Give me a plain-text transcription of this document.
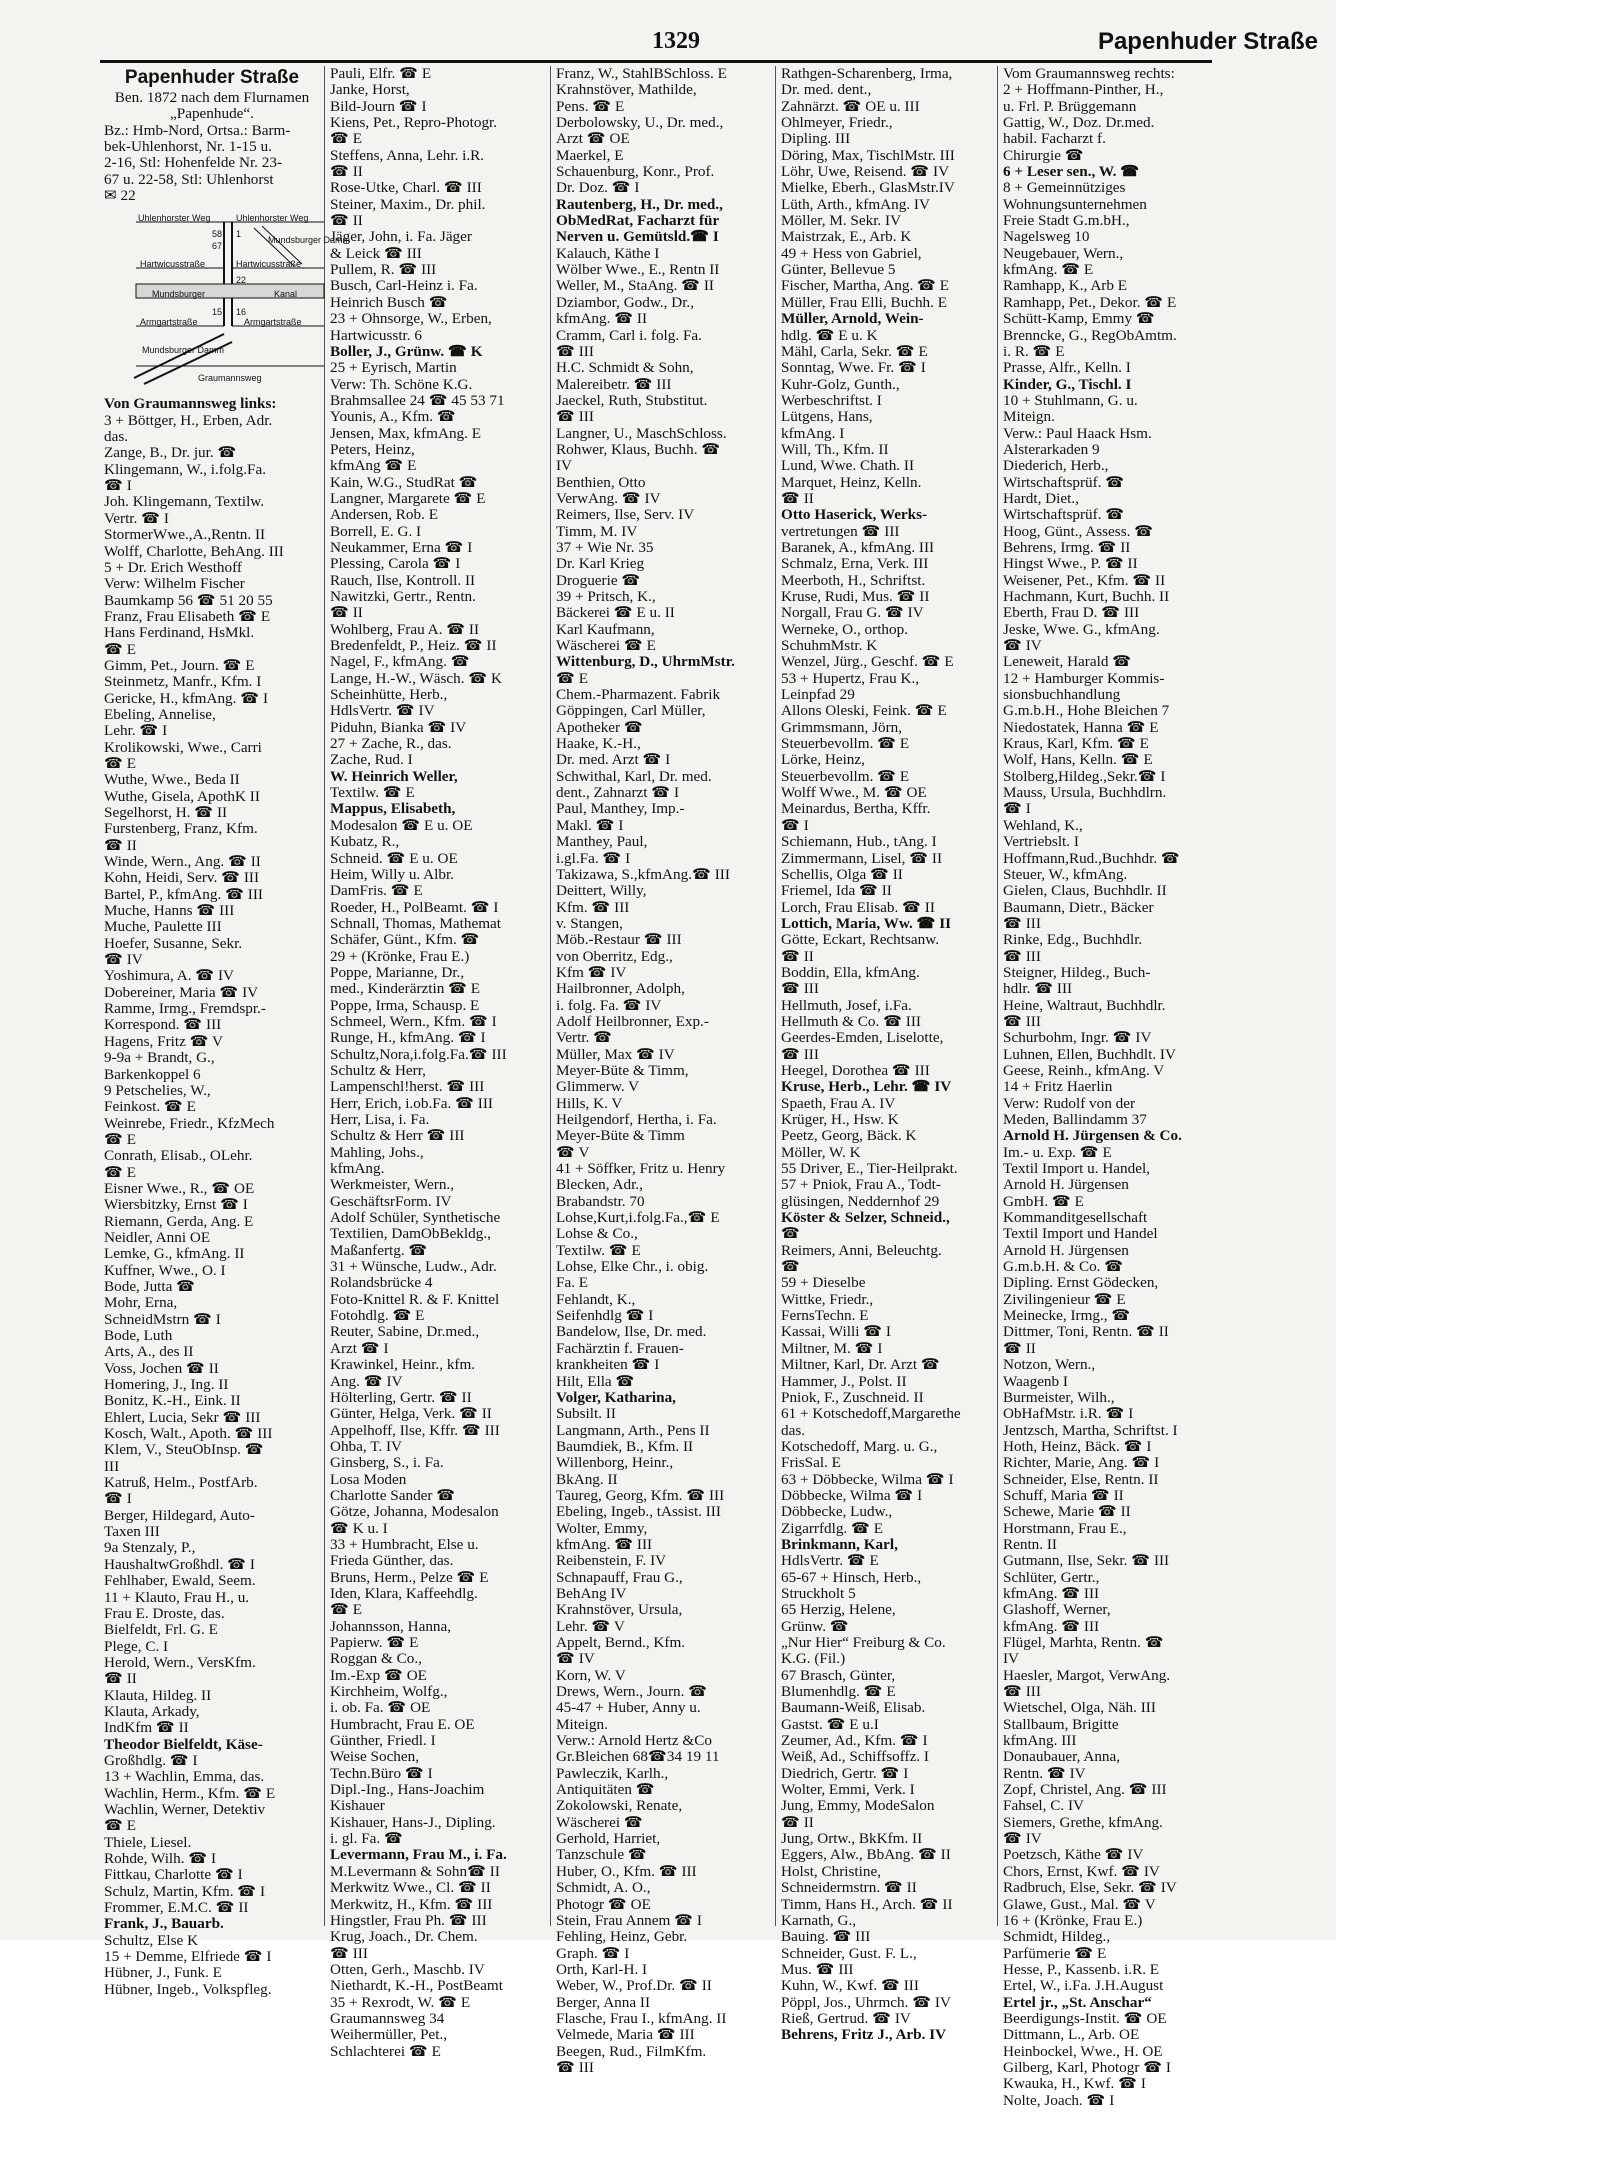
1329	Papenhuder Straße
Papenhuder Straße
Ben. 1872 nach dem Flurnamen
„Papenhude“.
Bz.: Hmb-Nord, Ortsa.: Barm-
bek-Uhlenhorst, Nr. 1-15 u.
2-16, Stl: Hohenfelde Nr. 23-
67 u. 22-58, Stl: Uhlenhorst
✉ 22
Uhlenhorster Weg	Uhlenhorster Weg
Hartwicusstraße	Hartwicusstraße
Mundsburger
Mundsburger Damm
Kanal
Armgartstraße	Armgartstraße
Mundsburger Damm
Graumannsweg
58
67
22
1
16
15
Von Graumannsweg links:
3 + Böttger, H., Erben, Adr.
das.
Zange, B., Dr. jur. ☎
Klingemann, W., i.folg.Fa.
☎ I
Joh. Klingemann, Textilw.
Vertr. ☎ I
StormerWwe.,A.,Rentn. II
Wolff, Charlotte, BehAng. III
5 + Dr. Erich Westhoff
Verw: Wilhelm Fischer
Baumkamp 56 ☎ 51 20 55
Franz, Frau Elisabeth ☎ E
Hans Ferdinand, HsMkl.
☎ E
Gimm, Pet., Journ. ☎ E
Steinmetz, Manfr., Kfm. I
Gericke, H., kfmAng. ☎ I
Ebeling, Annelise,
Lehr. ☎ I
Krolikowski, Wwe., Carri
☎ E
Wuthe, Wwe., Beda II
Wuthe, Gisela, ApothK II
Segelhorst, H. ☎ II
Furstenberg, Franz, Kfm.
☎ II
Winde, Wern., Ang. ☎ II
Kohn, Heidi, Serv. ☎ III
Bartel, P., kfmAng. ☎ III
Muche, Hanns ☎ III
Muche, Paulette III
Hoefer, Susanne, Sekr.
☎ IV
Yoshimura, A. ☎ IV
Dobereiner, Maria ☎ IV
Ramme, Irmg., Fremdspr.-
Korrespond. ☎ III
Hagens, Fritz ☎ V
9-9a + Brandt, G.,
Barkenkoppel 6
9 Petschelies, W.,
Feinkost. ☎ E
Weinrebe, Friedr., KfzMech
☎ E
Conrath, Elisab., OLehr.
☎ E
Eisner Wwe., R., ☎ OE
Wiersbitzky, Ernst ☎ I
Riemann, Gerda, Ang. E
Neidler, Anni OE
Lemke, G., kfmAng. II
Kuffner, Wwe., O. I
Bode, Jutta ☎
Mohr, Erna,
SchneidMstrn ☎ I
Bode, Luth
Arts, A., des II
Voss, Jochen ☎ II
Homering, J., Ing. II
Bonitz, K.-H., Eink. II
Ehlert, Lucia, Sekr ☎ III
Kosch, Walt., Apoth. ☎ III
Klem, V., SteuObInsp. ☎
III
Katruß, Helm., PostfArb.
☎ I
Berger, Hildegard, Auto-
Taxen III
9a Stenzaly, P.,
HaushaltwGroßhdl. ☎ I
Fehlhaber, Ewald, Seem.
11 + Klauto, Frau H., u.
Frau E. Droste, das.
Bielfeldt, Frl. G. E
Plege, C. I
Herold, Wern., VersKfm.
☎ II
Klauta, Hildeg. II
Klauta, Arkady,
IndKfm ☎ II
Theodor Bielfeldt, Käse-
Großhdlg. ☎ I
13 + Wachlin, Emma, das.
Wachlin, Herm., Kfm. ☎ E
Wachlin, Werner, Detektiv
☎ E
Thiele, Liesel.
Rohde, Wilh. ☎ I
Fittkau, Charlotte ☎ I
Schulz, Martin, Kfm. ☎ I
Frommer, E.M.C. ☎ II
Frank, J., Bauarb.
Schultz, Else K
15 + Demme, Elfriede ☎ I
Hübner, J., Funk. E
Hübner, Ingeb., Volkspfleg.
Pauli, Elfr. ☎ E
Janke, Horst,
Bild-Journ ☎ I
Kiens, Pet., Repro-Photogr.
☎ E
Steffens, Anna, Lehr. i.R.
☎ II
Rose-Utke, Charl. ☎ III
Steiner, Maxim., Dr. phil.
☎ II
Jäger, John, i. Fa. Jäger
& Leick ☎ III
Pullem, R. ☎ III
Busch, Carl-Heinz i. Fa.
Heinrich Busch ☎
23 + Ohnsorge, W., Erben,
Hartwicusstr. 6
Boller, J., Grünw. ☎ K
25 + Eyrisch, Martin
Verw: Th. Schöne K.G.
Brahmsallee 24 ☎ 45 53 71
Younis, A., Kfm. ☎
Jensen, Max, kfmAng. E
Peters, Heinz,
kfmAng ☎ E
Kain, W.G., StudRat ☎
Langner, Margarete ☎ E
Andersen, Rob. E
Borrell, E. G. I
Neukammer, Erna ☎ I
Plessing, Carola ☎ I
Rauch, Ilse, Kontroll. II
Nawitzki, Gertr., Rentn.
☎ II
Wohlberg, Frau A. ☎ II
Bredenfeldt, P., Heiz. ☎ II
Nagel, F., kfmAng. ☎
Lange, H.-W., Wäsch. ☎ K
Scheinhütte, Herb.,
HdlsVertr. ☎ IV
Piduhn, Bianka ☎ IV
27 + Zache, R., das.
Zache, Rud. I
W. Heinrich Weller,
Textilw. ☎ E
Mappus, Elisabeth,
Modesalon ☎ E u. OE
Kubatz, R.,
Schneid. ☎ E u. OE
Heim, Willy u. Albr.
DamFris. ☎ E
Roeder, H., PolBeamt. ☎ I
Schnall, Thomas, Mathemat
Schäfer, Günt., Kfm. ☎
29 + (Krönke, Frau E.)
Poppe, Marianne, Dr.,
med., Kinderärztin ☎ E
Poppe, Irma, Schausp. E
Schmeel, Wern., Kfm. ☎ I
Runge, H., kfmAng. ☎ I
Schultz,Nora,i.folg.Fa.☎ III
Schultz & Herr,
Lampenschl!herst. ☎ III
Herr, Erich, i.ob.Fa. ☎ III
Herr, Lisa, i. Fa.
Schultz & Herr ☎ III
Mahling, Johs.,
kfmAng.
Werkmeister, Wern.,
GeschäftsrForm. IV
Adolf Schüler, Synthetische
Textilien, DamObBekldg.,
Maßanfertg. ☎
31 + Wünsche, Ludw., Adr.
Rolandsbrücke 4
Foto-Knittel R. & F. Knittel
Fotohdlg. ☎ E
Reuter, Sabine, Dr.med.,
Arzt ☎ I
Krawinkel, Heinr., kfm.
Ang. ☎ IV
Hölterling, Gertr. ☎ II
Günter, Helga, Verk. ☎ II
Appelhoff, Ilse, Kffr. ☎ III
Ohba, T. IV
Ginsberg, S., i. Fa.
Losa Moden
Charlotte Sander ☎
Götze, Johanna, Modesalon
☎ K u. I
33 + Humbracht, Else u.
Frieda Günther, das.
Bruns, Herm., Pelze ☎ E
Iden, Klara, Kaffeehdlg.
☎ E
Johannsson, Hanna,
Papierw. ☎ E
Roggan & Co.,
Im.-Exp ☎ OE
Kirchheim, Wolfg.,
i. ob. Fa. ☎ OE
Humbracht, Frau E. OE
Günther, Friedl. I
Weise Sochen,
Techn.Büro ☎ I
Dipl.-Ing., Hans-Joachim
Kishauer
Kishauer, Hans-J., Dipling.
i. gl. Fa. ☎
Levermann, Frau M., i. Fa.
M.Levermann & Sohn☎ II
Merkwitz Wwe., Cl. ☎ II
Merkwitz, H., Kfm. ☎ III
Hingstler, Frau Ph. ☎ III
Krug, Joach., Dr. Chem.
☎ III
Otten, Gerh., Maschb. IV
Niethardt, K.-H., PostBeamt
35 + Rexrodt, W. ☎ E
Graumannsweg 34
Weihermüller, Pet.,
Schlachterei ☎ E
Franz, W., StahlBSchloss. E
Krahnstöver, Mathilde,
Pens. ☎ E
Derbolowsky, U., Dr. med.,
Arzt ☎ OE
Maerkel, E
Schauenburg, Konr., Prof.
Dr. Doz. ☎ I
Rautenberg, H., Dr. med.,
ObMedRat, Facharzt für
Nerven u. Gemütsld.☎ I
Kalauch, Käthe I
Wölber Wwe., E., Rentn II
Weller, M., StaAng. ☎ II
Dziambor, Godw., Dr.,
kfmAng. ☎ II
Cramm, Carl i. folg. Fa.
☎ III
H.C. Schmidt & Sohn,
Malereibetr. ☎ III
Jaeckel, Ruth, Stubstitut.
☎ III
Langner, U., MaschSchloss.
Rohwer, Klaus, Buchh. ☎
IV
Benthien, Otto
VerwAng. ☎ IV
Reimers, Ilse, Serv. IV
Timm, M. IV
37 + Wie Nr. 35
Dr. Karl Krieg
Droguerie ☎
39 + Pritsch, K.,
Bäckerei ☎ E u. II
Karl Kaufmann,
Wäscherei ☎ E
Wittenburg, D., UhrmMstr.
☎ E
Chem.-Pharmazent. Fabrik
Göppingen, Carl Müller,
Apotheker ☎
Haake, K.-H.,
Dr. med. Arzt ☎ I
Schwithal, Karl, Dr. med.
dent., Zahnarzt ☎ I
Paul, Manthey, Imp.-
Makl. ☎ I
Manthey, Paul,
i.gl.Fa. ☎ I
Takizawa, S.,kfmAng.☎ III
Deittert, Willy,
Kfm. ☎ III
v. Stangen,
Möb.-Restaur ☎ III
von Oberritz, Edg.,
Kfm ☎ IV
Hailbronner, Adolph,
i. folg. Fa. ☎ IV
Adolf Heilbronner, Exp.-
Vertr. ☎
Müller, Max ☎ IV
Meyer-Büte & Timm,
Glimmerw. V
Hills, K. V
Heilgendorf, Hertha, i. Fa.
Meyer-Büte & Timm
☎ V
41 + Söffker, Fritz u. Henry
Blecken, Adr.,
Brabandstr. 70
Lohse,Kurt,i.folg.Fa.,☎ E
Lohse & Co.,
Textilw. ☎ E
Lohse, Elke Chr., i. obig.
Fa. E
Fehlandt, K.,
Seifenhdlg ☎ I
Bandelow, Ilse, Dr. med.
Fachärztin f. Frauen-
krankheiten ☎ I
Hilt, Ella ☎
Volger, Katharina,
Subsilt. II
Langmann, Arth., Pens II
Baumdiek, B., Kfm. II
Willenborg, Heinr.,
BkAng. II
Taureg, Georg, Kfm. ☎ III
Ebeling, Ingeb., tAssist. III
Wolter, Emmy,
kfmAng. ☎ III
Reibenstein, F. IV
Schnapauff, Frau G.,
BehAng IV
Krahnstöver, Ursula,
Lehr. ☎ V
Appelt, Bernd., Kfm.
☎ IV
Korn, W. V
Drews, Wern., Journ. ☎
45-47 + Huber, Anny u.
Miteign.
Verw.: Arnold Hertz &Co
Gr.Bleichen 68☎34 19 11
Pawleczik, Karlh.,
Antiquitäten ☎
Zokolowski, Renate,
Wäscherei ☎
Gerhold, Harriet,
Tanzschule ☎
Huber, O., Kfm. ☎ III
Schmidt, A. O.,
Photogr ☎ OE
Stein, Frau Annem ☎ I
Fehling, Heinz, Gebr.
Graph. ☎ I
Orth, Karl-H. I
Weber, W., Prof.Dr. ☎ II
Berger, Anna II
Flasche, Frau I., kfmAng. II
Velmede, Maria ☎ III
Beegen, Rud., FilmKfm.
☎ III
Rathgen-Scharenberg, Irma,
Dr. med. dent.,
Zahnärzt. ☎ OE u. III
Ohlmeyer, Friedr.,
Dipling. III
Döring, Max, TischlMstr. III
Löhr, Uwe, Reisend. ☎ IV
Mielke, Eberh., GlasMstr.IV
Lüth, Arth., kfmAng. IV
Möller, M. Sekr. IV
Maistrzak, E., Arb. K
49 + Hess von Gabriel,
Günter, Bellevue 5
Fischer, Martha, Ang. ☎ E
Müller, Frau Elli, Buchh. E
Müller, Arnold, Wein-
hdlg. ☎ E u. K
Mähl, Carla, Sekr. ☎ E
Sonntag, Wwe. Fr. ☎ I
Kuhr-Golz, Gunth.,
Werbeschriftst. I
Lütgens, Hans,
kfmAng. I
Will, Th., Kfm. II
Lund, Wwe. Chath. II
Marquet, Heinz, Kelln.
☎ II
Otto Haserick, Werks-
vertretungen ☎ III
Baranek, A., kfmAng. III
Schmalz, Erna, Verk. III
Meerboth, H., Schriftst.
Kruse, Rudi, Mus. ☎ II
Norgall, Frau G. ☎ IV
Werneke, O., orthop.
SchuhmMstr. K
Wenzel, Jürg., Geschf. ☎ E
53 + Hupertz, Frau K.,
Leinpfad 29
Allons Oleski, Feink. ☎ E
Grimmsmann, Jörn,
Steuerbevollm. ☎ E
Lörke, Heinz,
Steuerbevollm. ☎ E
Wolff Wwe., M. ☎ OE
Meinardus, Bertha, Kffr.
☎ I
Schiemann, Hub., tAng. I
Zimmermann, Lisel, ☎ II
Schellis, Olga ☎ II
Friemel, Ida ☎ II
Lorch, Frau Elisab. ☎ II
Lottich, Maria, Ww. ☎ II
Götte, Eckart, Rechtsanw.
☎ II
Boddin, Ella, kfmAng.
☎ III
Hellmuth, Josef, i.Fa.
Hellmuth & Co. ☎ III
Geerdes-Emden, Liselotte,
☎ III
Heegel, Dorothea ☎ III
Kruse, Herb., Lehr. ☎ IV
Spaeth, Frau A. IV
Krüger, H., Hsw. K
Peetz, Georg, Bäck. K
Möller, W. K
55 Driver, E., Tier-Heilprakt.
57 + Pniok, Frau A., Todt-
glüsingen, Neddernhof 29
Köster & Selzer, Schneid.,
☎
Reimers, Anni, Beleuchtg.
☎
59 + Dieselbe
Wittke, Friedr.,
FernsTechn. E
Kassai, Willi ☎ I
Miltner, M. ☎ I
Miltner, Karl, Dr. Arzt ☎
Hammer, J., Polst. II
Pniok, F., Zuschneid. II
61 + Kotschedoff,Margarethe
das.
Kotschedoff, Marg. u. G.,
FrisSal. E
63 + Döbbecke, Wilma ☎ I
Döbbecke, Wilma ☎ I
Döbbecke, Ludw.,
Zigarrfdlg. ☎ E
Brinkmann, Karl,
HdlsVertr. ☎ E
65-67 + Hinsch, Herb.,
Struckholt 5
65 Herzig, Helene,
Grünw. ☎
„Nur Hier“ Freiburg & Co.
K.G. (Fil.)
67 Brasch, Günter,
Blumenhdlg. ☎ E
Baumann-Weiß, Elisab.
Gastst. ☎ E u.I
Zeumer, Ad., Kfm. ☎ I
Weiß, Ad., Schiffsoffz. I
Diedrich, Gertr. ☎ I
Wolter, Emmi, Verk. I
Jung, Emmy, ModeSalon
☎ II
Jung, Ortw., BkKfm. II
Eggers, Alw., BbAng. ☎ II
Holst, Christine,
Schneidermstrn. ☎ II
Timm, Hans H., Arch. ☎ II
Karnath, G.,
Bauing. ☎ III
Schneider, Gust. F. L.,
Mus. ☎ III
Kuhn, W., Kwf. ☎ III
Pöppl, Jos., Uhrmch. ☎ IV
Rieß, Gertrud. ☎ IV
Behrens, Fritz J., Arb. IV
Vom Graumannsweg rechts:
2 + Hoffmann-Pinther, H.,
u. Frl. P. Brüggemann
Gattig, W., Doz. Dr.med.
habil. Facharzt f.
Chirurgie ☎
6 + Leser sen., W. ☎
8 + Gemeinnütziges
Wohnungsunternehmen
Freie Stadt G.m.bH.,
Nagelsweg 10
Neugebauer, Wern.,
kfmAng. ☎ E
Ramhapp, K., Arb E
Ramhapp, Pet., Dekor. ☎ E
Schütt-Kamp, Emmy ☎
Brenncke, G., RegObAmtm.
i. R. ☎ E
Prasse, Alfr., Kelln. I
Kinder, G., Tischl. I
10 + Stuhlmann, G. u.
Miteign.
Verw.: Paul Haack Hsm.
Alsterarkaden 9
Diederich, Herb.,
Wirtschaftsprüf. ☎
Hardt, Diet.,
Wirtschaftsprüf. ☎
Hoog, Günt., Assess. ☎
Behrens, Irmg. ☎ II
Hingst Wwe., P. ☎ II
Weisener, Pet., Kfm. ☎ II
Hachmann, Kurt, Buchh. II
Eberth, Frau D. ☎ III
Jeske, Wwe. G., kfmAng.
☎ IV
Leneweit, Harald ☎
12 + Hamburger Kommis-
sionsbuchhandlung
G.m.b.H., Hohe Bleichen 7
Niedostatek, Hanna ☎ E
Kraus, Karl, Kfm. ☎ E
Wolf, Hans, Kelln. ☎ E
Stolberg,Hildeg.,Sekr.☎ I
Mauss, Ursula, Buchhdlrn.
☎ I
Wehland, K.,
Vertriebslt. I
Hoffmann,Rud.,Buchhdr. ☎
Steuer, W., kfmAng.
Gielen, Claus, Buchhdlr. II
Baumann, Dietr., Bäcker
☎ III
Rinke, Edg., Buchhdlr.
☎ III
Steigner, Hildeg., Buch-
hdlr. ☎ III
Heine, Waltraut, Buchhdlr.
☎ III
Schurbohm, Ingr. ☎ IV
Luhnen, Ellen, Buchhdlt. IV
Geese, Reinh., kfmAng. V
14 + Fritz Haerlin
Verw: Rudolf von der
Meden, Ballindamm 37
Arnold H. Jürgensen & Co.
Im.- u. Exp. ☎ E
Textil Import u. Handel,
Arnold H. Jürgensen
GmbH. ☎ E
Kommanditgesellschaft
Textil Import und Handel
Arnold H. Jürgensen
G.m.b.H. & Co. ☎
Dipling. Ernst Gödecken,
Zivilingenieur ☎ E
Meinecke, Irmg., ☎
Dittmer, Toni, Rentn. ☎ II
☎ II
Notzon, Wern.,
Waagenb I
Burmeister, Wilh.,
ObHafMstr. i.R. ☎ I
Jentzsch, Martha, Schriftst. I
Hoth, Heinz, Bäck. ☎ I
Richter, Marie, Ang. ☎ I
Schneider, Else, Rentn. II
Schuff, Maria ☎ II
Schewe, Marie ☎ II
Horstmann, Frau E.,
Rentn. II
Gutmann, Ilse, Sekr. ☎ III
Schlüter, Gertr.,
kfmAng. ☎ III
Glashoff, Werner,
kfmAng. ☎ III
Flügel, Marhta, Rentn. ☎
IV
Haesler, Margot, VerwAng.
☎ III
Wietschel, Olga, Näh. III
Stallbaum, Brigitte
kfmAng. III
Donaubauer, Anna,
Rentn. ☎ IV
Zopf, Christel, Ang. ☎ III
Fahsel, C. IV
Siemers, Grethe, kfmAng.
☎ IV
Poetzsch, Käthe ☎ IV
Chors, Ernst, Kwf. ☎ IV
Radbruch, Else, Sekr. ☎ IV
Glawe, Gust., Mal. ☎ V
16 + (Krönke, Frau E.)
Schmidt, Hildeg.,
Parfümerie ☎ E
Hesse, P., Kassenb. i.R. E
Ertel, W., i.Fa. J.H.August
Ertel jr., „St. Anschar“
Beerdigungs-Instit. ☎ OE
Dittmann, L., Arb. OE
Heinbockel, Wwe., H. OE
Gilberg, Karl, Photogr ☎ I
Kwauka, H., Kwf. ☎ I
Nolte, Joach. ☎ I
